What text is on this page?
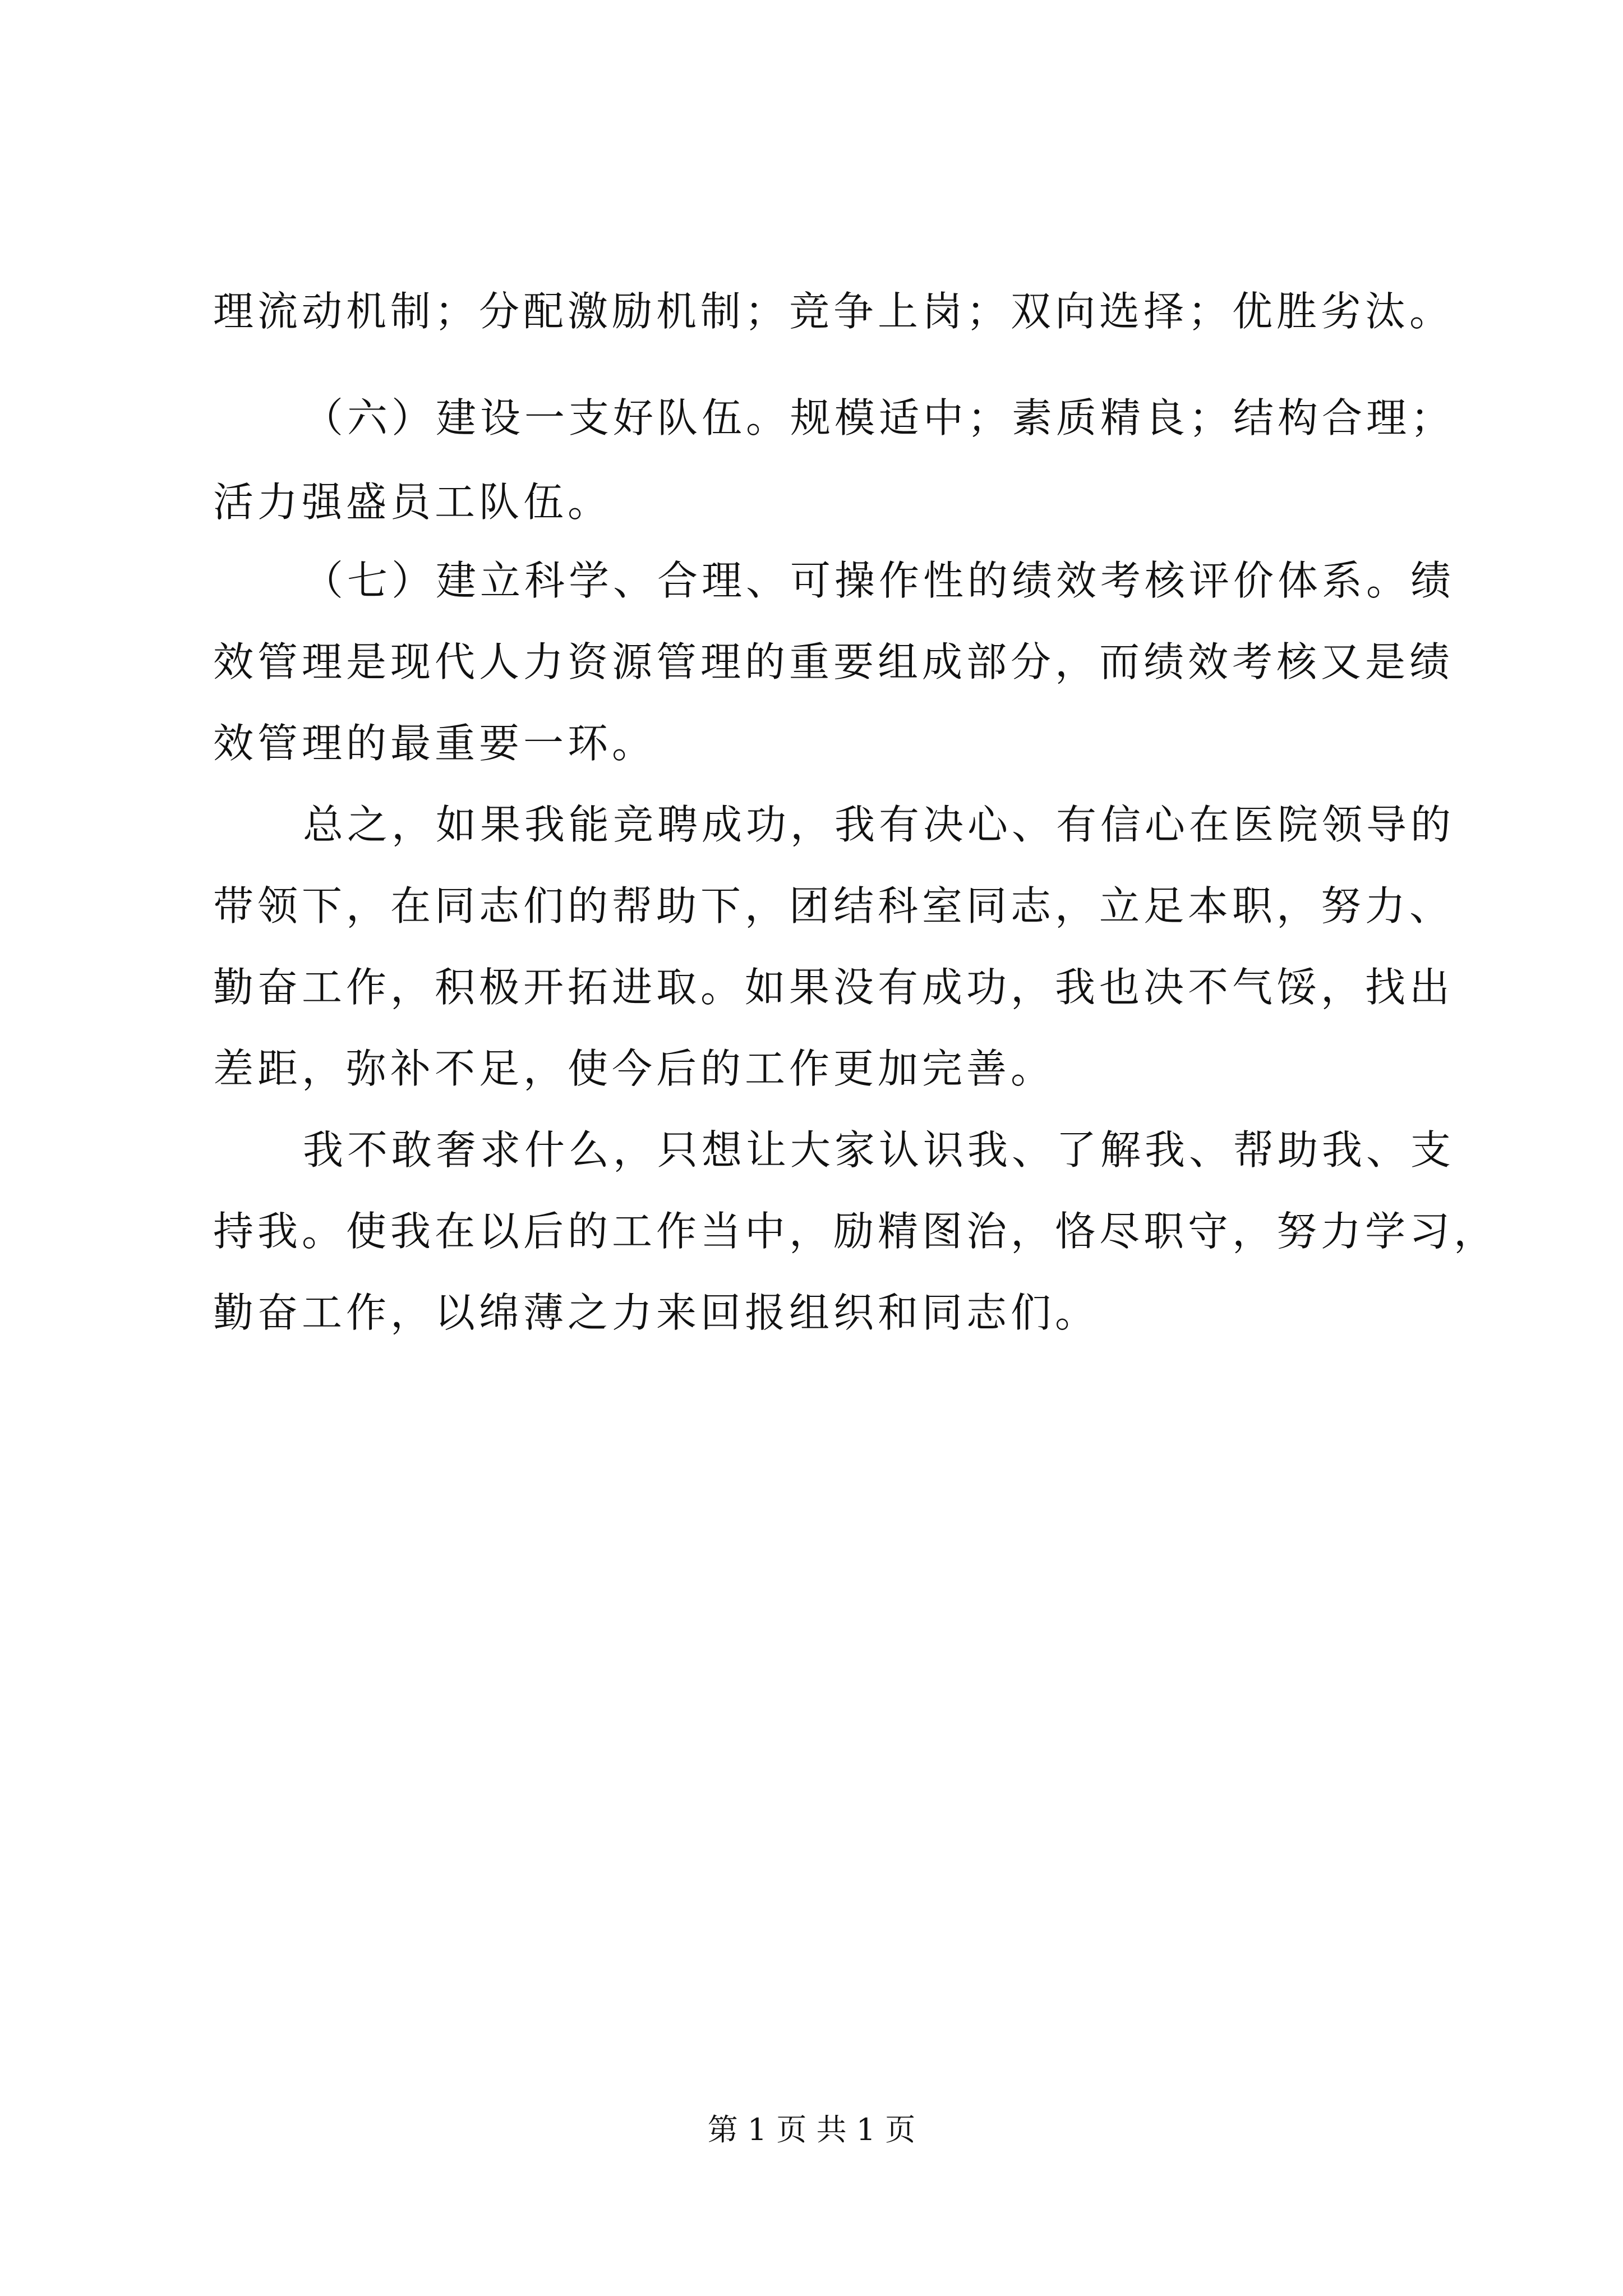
理流动机制；分配激励机制；竞争上岗；双向选择；优胜劣汰。
（六）建设一支好队伍。规模适中；素质精良；结构合理；
活力强盛员工队伍。
（七）建立科学、合理、可操作性的绩效考核评价体系。绩
效管理是现代人力资源管理的重要组成部分，而绩效考核又是绩
效管理的最重要一环。
总之，如果我能竞聘成功，我有决心、有信心在医院领导的
带领下，在同志们的帮助下，团结科室同志，立足本职，努力、
勤奋工作，积极开拓进取。如果没有成功，我也决不气馁，找出
差距，弥补不足，使今后的工作更加完善。
我不敢奢求什么，只想让大家认识我、了解我、帮助我、支
持我。使我在以后的工作当中，励精图治，恪尽职守，努力学习，
勤奋工作，以绵薄之力来回报组织和同志们。
第 1 页 共 1 页
